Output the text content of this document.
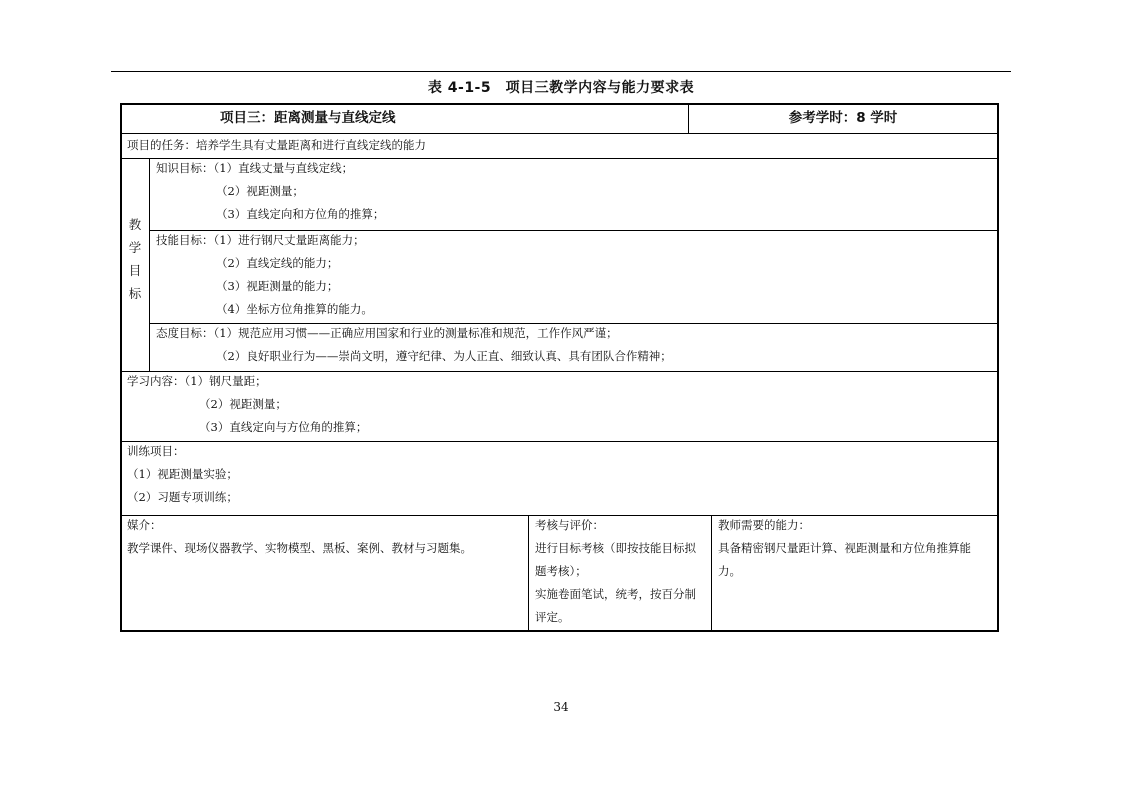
表 4-1-5　项目三教学内容与能力要求表
项目三：距离测量与直线定线	参考学时：8 学时
项目的任务：培养学生具有丈量距离和进行直线定线的能力
教
学
目
标
知识目标：（1）直线丈量与直线定线；
（2）视距测量；
（3）直线定向和方位角的推算；
技能目标：（1）进行钢尺丈量距离能力；
（2）直线定线的能力；
（3）视距测量的能力；
（4）坐标方位角推算的能力。
态度目标：（1）规范应用习惯——正确应用国家和行业的测量标准和规范，工作作风严谨；
（2）良好职业行为——崇尚文明，遵守纪律、为人正直、细致认真、具有团队合作精神；
学习内容：（1）钢尺量距；
（2）视距测量；
（3）直线定向与方位角的推算；
训练项目：
（1）视距测量实验；
（2）习题专项训练；
媒介：
教学课件、现场仪器教学、实物模型、黑板、案例、教材与习题集。
考核与评价：
进行目标考核（即按技能目标拟
题考核）；
实施卷面笔试，统考，按百分制
评定。
教师需要的能力：
具备精密钢尺量距计算、视距测量和方位角推算能
力。
34
